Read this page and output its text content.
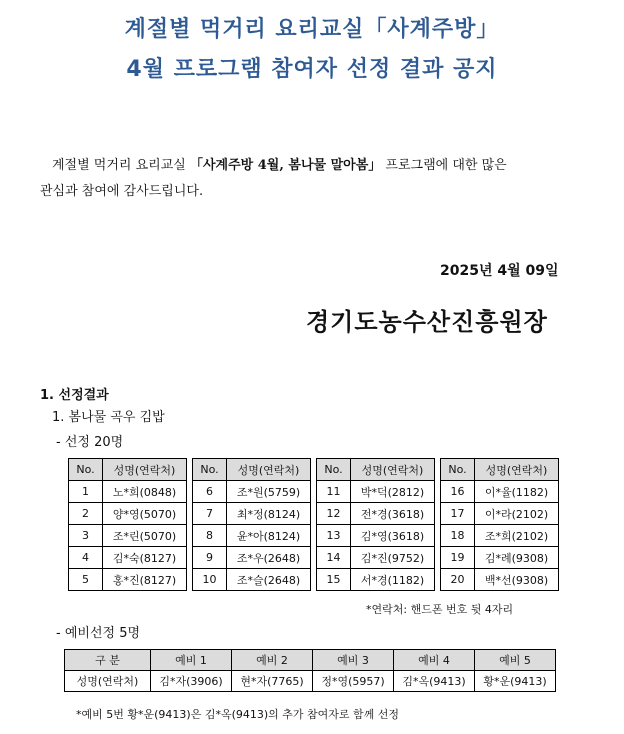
계절별 먹거리 요리교실「사계주방」
4월 프로그램 참여자 선정 결과 공지
계절별 먹거리 요리교실 「사계주방 4월, 봄나물 말아봄」 프로그램에 대한 많은
관심과 참여에 감사드립니다.
2025년 4월 09일
경기도농수산진흥원장
1. 선정결과
1. 봄나물 곡우 김밥
- 선정 20명
No.	성명(연락처)		No.	성명(연락처)		No.	성명(연락처)		No.	성명(연락처)
1	노*희(0848)		6	조*원(5759)		11	박*덕(2812)		16	이*율(1182)
2	양*영(5070)		7	최*정(8124)		12	전*경(3618)		17	이*라(2102)
3	조*린(5070)		8	윤*아(8124)		13	김*영(3618)		18	조*희(2102)
4	김*숙(8127)		9	조*우(2648)		14	김*진(9752)		19	김*례(9308)
5	홍*진(8127)		10	조*슬(2648)		15	서*경(1182)		20	백*선(9308)
*연락처: 핸드폰 번호 뒷 4자리
- 예비선정 5명
구 분	예비 1	예비 2	예비 3	예비 4	예비 5
성명(연락처)	김*자(3906)	현*자(7765)	정*영(5957)	김*옥(9413)	황*운(9413)
*예비 5번 황*운(9413)은 김*옥(9413)의 추가 참여자로 함께 선정
